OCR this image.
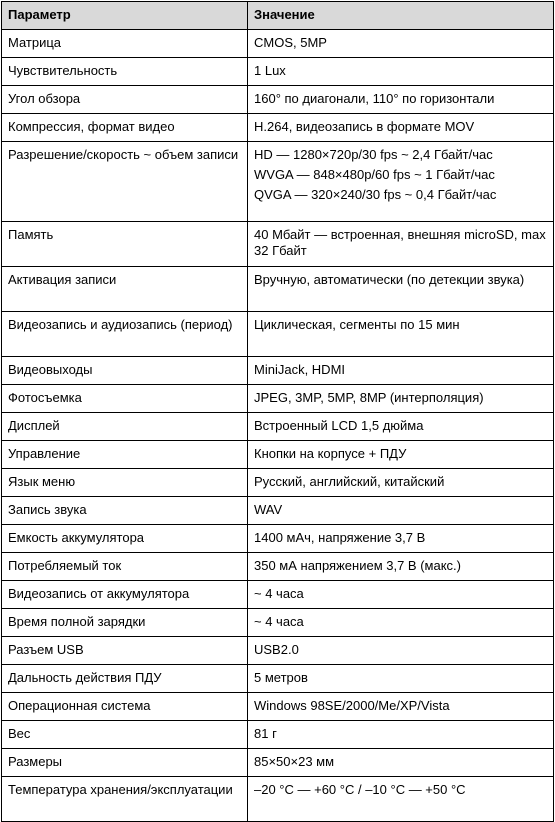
Параметр	Значение
Матрица	CMOS, 5MP

Чувствительность	1 Lux

Угол обзора	160° по диагонали, 110° по горизонтали

Компрессия, формат видео	H.264, видеозапись в формате MOV

Разрешение/скорость ~ объем записи	HD — 1280×720p/30 fps ~ 2,4 Гбайт/час
WVGA — 848×480p/60 fps ~ 1 Гбайт/час
QVGA — 320×240/30 fps ~ 0,4 Гбайт/час

Память	40 Мбайт — встроенная, внешняя microSD, max 32 Гбайт

Активация записи	Вручную, автоматически (по детекции звука)

Видеозапись и аудиозапись (период)	Циклическая, сегменты по 15 мин

Видеовыходы	MiniJack, HDMI

Фотосъемка	JPEG, 3MP, 5MP, 8MP (интерполяция)

Дисплей	Встроенный LCD 1,5 дюйма

Управление	Кнопки на корпусе + ПДУ

Язык меню	Русский, английский, китайский

Запись звука	WAV

Емкость аккумулятора	1400 мАч, напряжение 3,7 В

Потребляемый ток	350 мА напряжением 3,7 В (макс.)

Видеозапись от аккумулятора	~ 4 часа

Время полной зарядки	~ 4 часа

Разъем USB	USB2.0

Дальность действия ПДУ	5 метров

Операционная система	Windows 98SE/2000/Me/XP/Vista

Вес	81 г

Размеры	85×50×23 мм

Температура хранения/эксплуатации	–20 °C — +60 °C / –10 °C — +50 °C
